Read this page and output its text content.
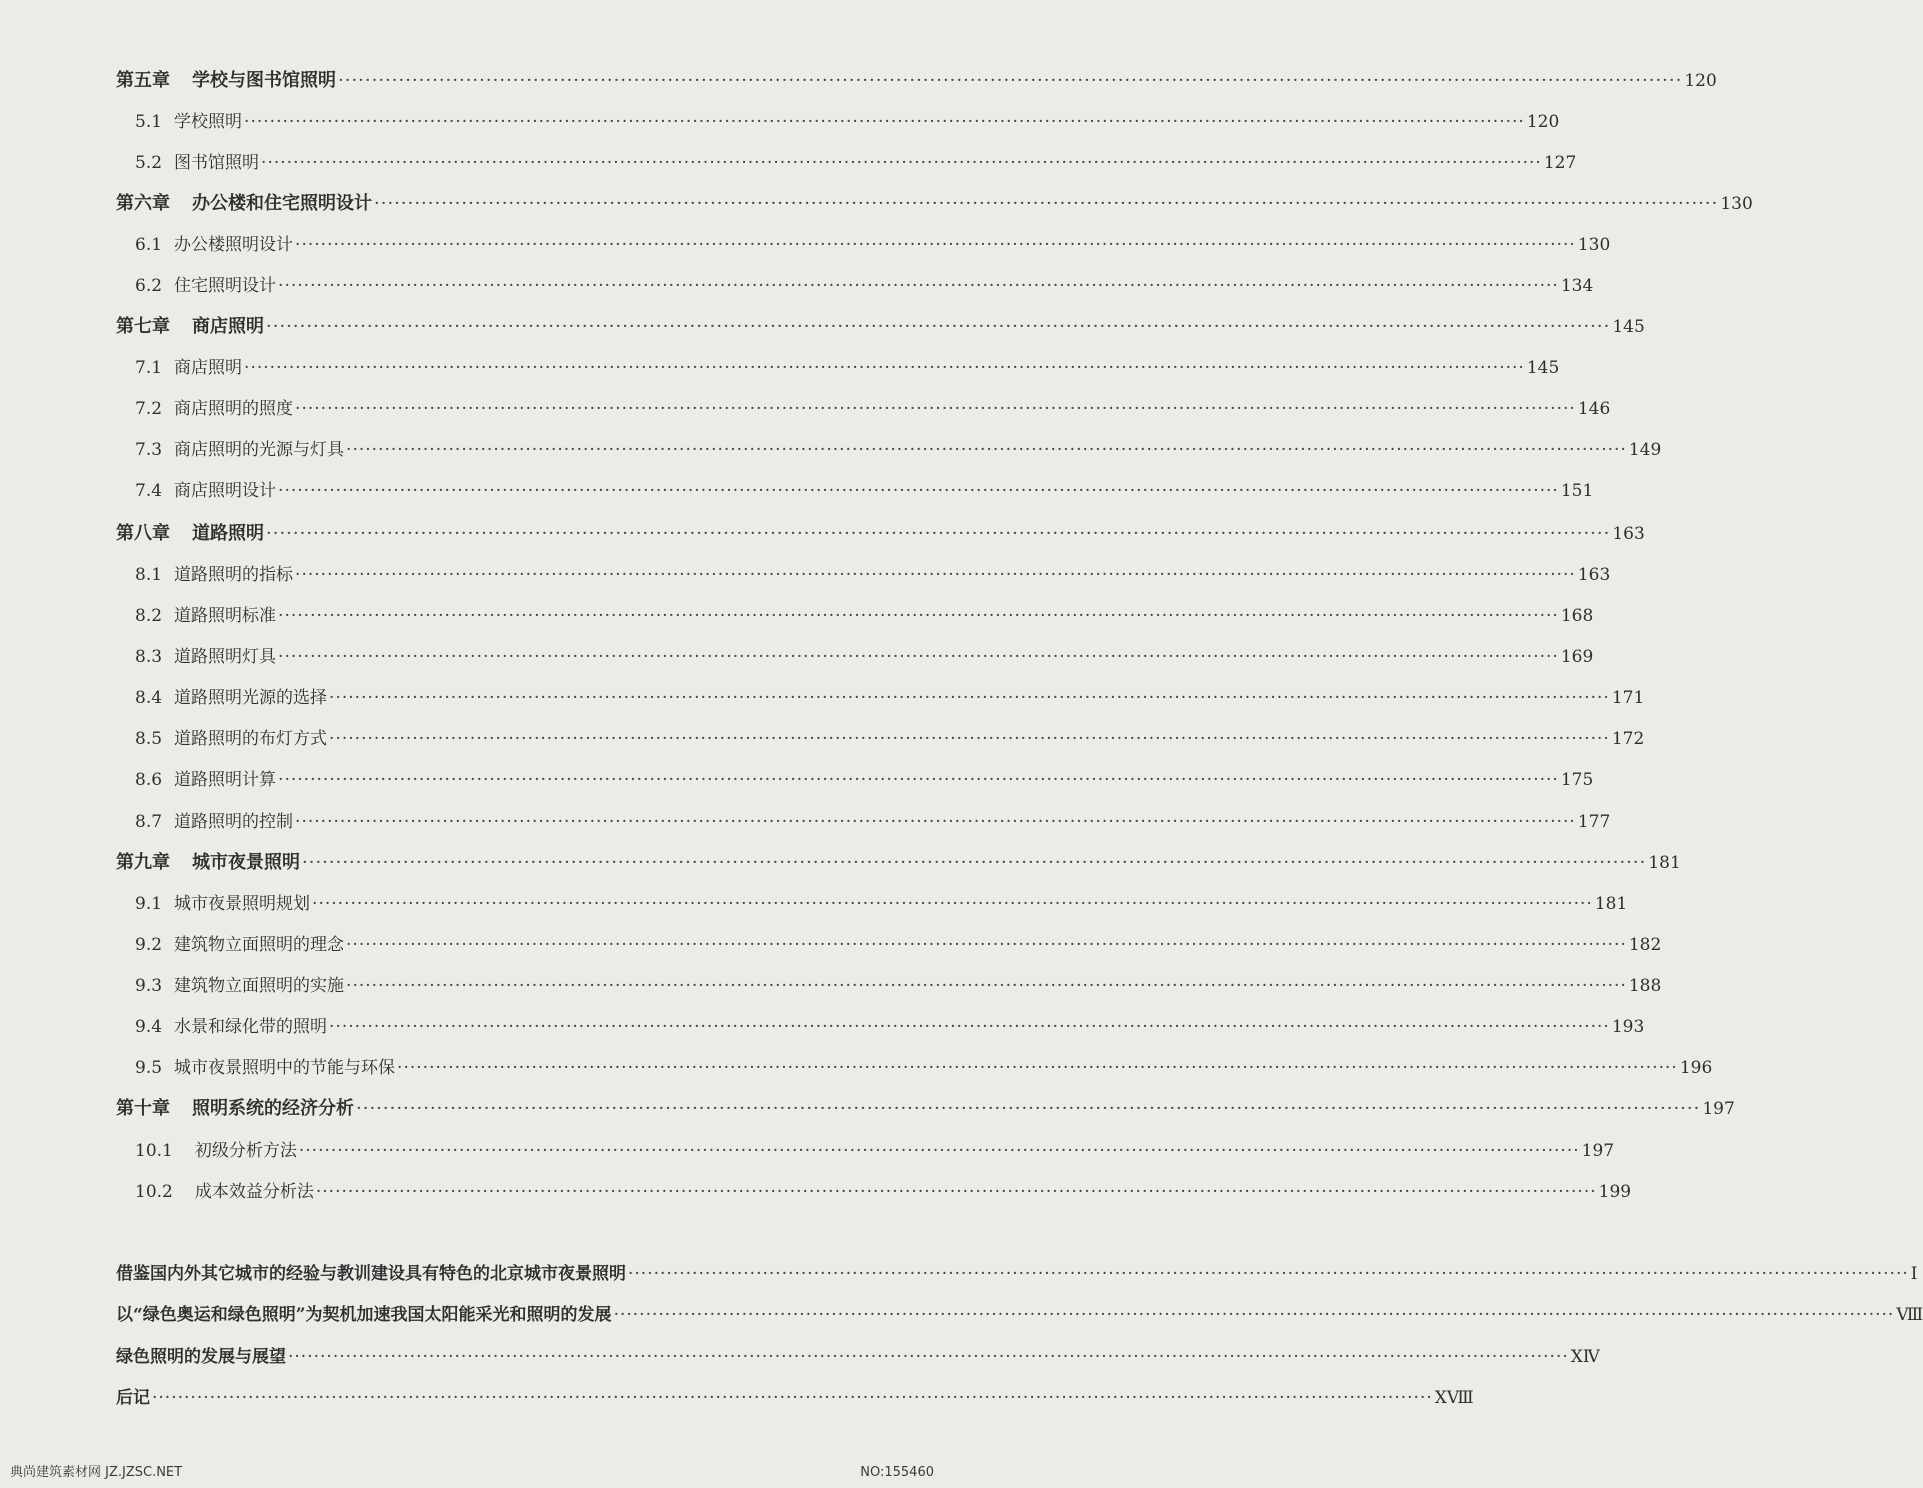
第五章 学校与图书馆照明 ········································································································································································································ 120
5.1 学校照明 ········································································································································································································ 120
5.2 图书馆照明 ········································································································································································································ 127
第六章 办公楼和住宅照明设计 ········································································································································································································ 130
6.1 办公楼照明设计 ········································································································································································································ 130
6.2 住宅照明设计 ········································································································································································································ 134
第七章 商店照明 ········································································································································································································ 145
7.1 商店照明 ········································································································································································································ 145
7.2 商店照明的照度 ········································································································································································································ 146
7.3 商店照明的光源与灯具 ········································································································································································································ 149
7.4 商店照明设计 ········································································································································································································ 151
第八章 道路照明 ········································································································································································································ 163
8.1 道路照明的指标 ········································································································································································································ 163
8.2 道路照明标准 ········································································································································································································ 168
8.3 道路照明灯具 ········································································································································································································ 169
8.4 道路照明光源的选择 ········································································································································································································ 171
8.5 道路照明的布灯方式 ········································································································································································································ 172
8.6 道路照明计算 ········································································································································································································ 175
8.7 道路照明的控制 ········································································································································································································ 177
第九章 城市夜景照明 ········································································································································································································ 181
9.1 城市夜景照明规划 ········································································································································································································ 181
9.2 建筑物立面照明的理念 ········································································································································································································ 182
9.3 建筑物立面照明的实施 ········································································································································································································ 188
9.4 水景和绿化带的照明 ········································································································································································································ 193
9.5 城市夜景照明中的节能与环保 ········································································································································································································ 196
第十章 照明系统的经济分析 ········································································································································································································ 197
10.1 初级分析方法 ········································································································································································································ 197
10.2 成本效益分析法 ········································································································································································································ 199
借鉴国内外其它城市的经验与教训建设具有特色的北京城市夜景照明 ········································································································································································································ Ⅰ
以“绿色奥运和绿色照明”为契机加速我国太阳能采光和照明的发展 ········································································································································································································ Ⅷ
绿色照明的发展与展望 ········································································································································································································ ⅩⅣ
后记 ········································································································································································································ ⅩⅧ
典尚建筑素材网 JZ.JZSC.NET	NO:155460
